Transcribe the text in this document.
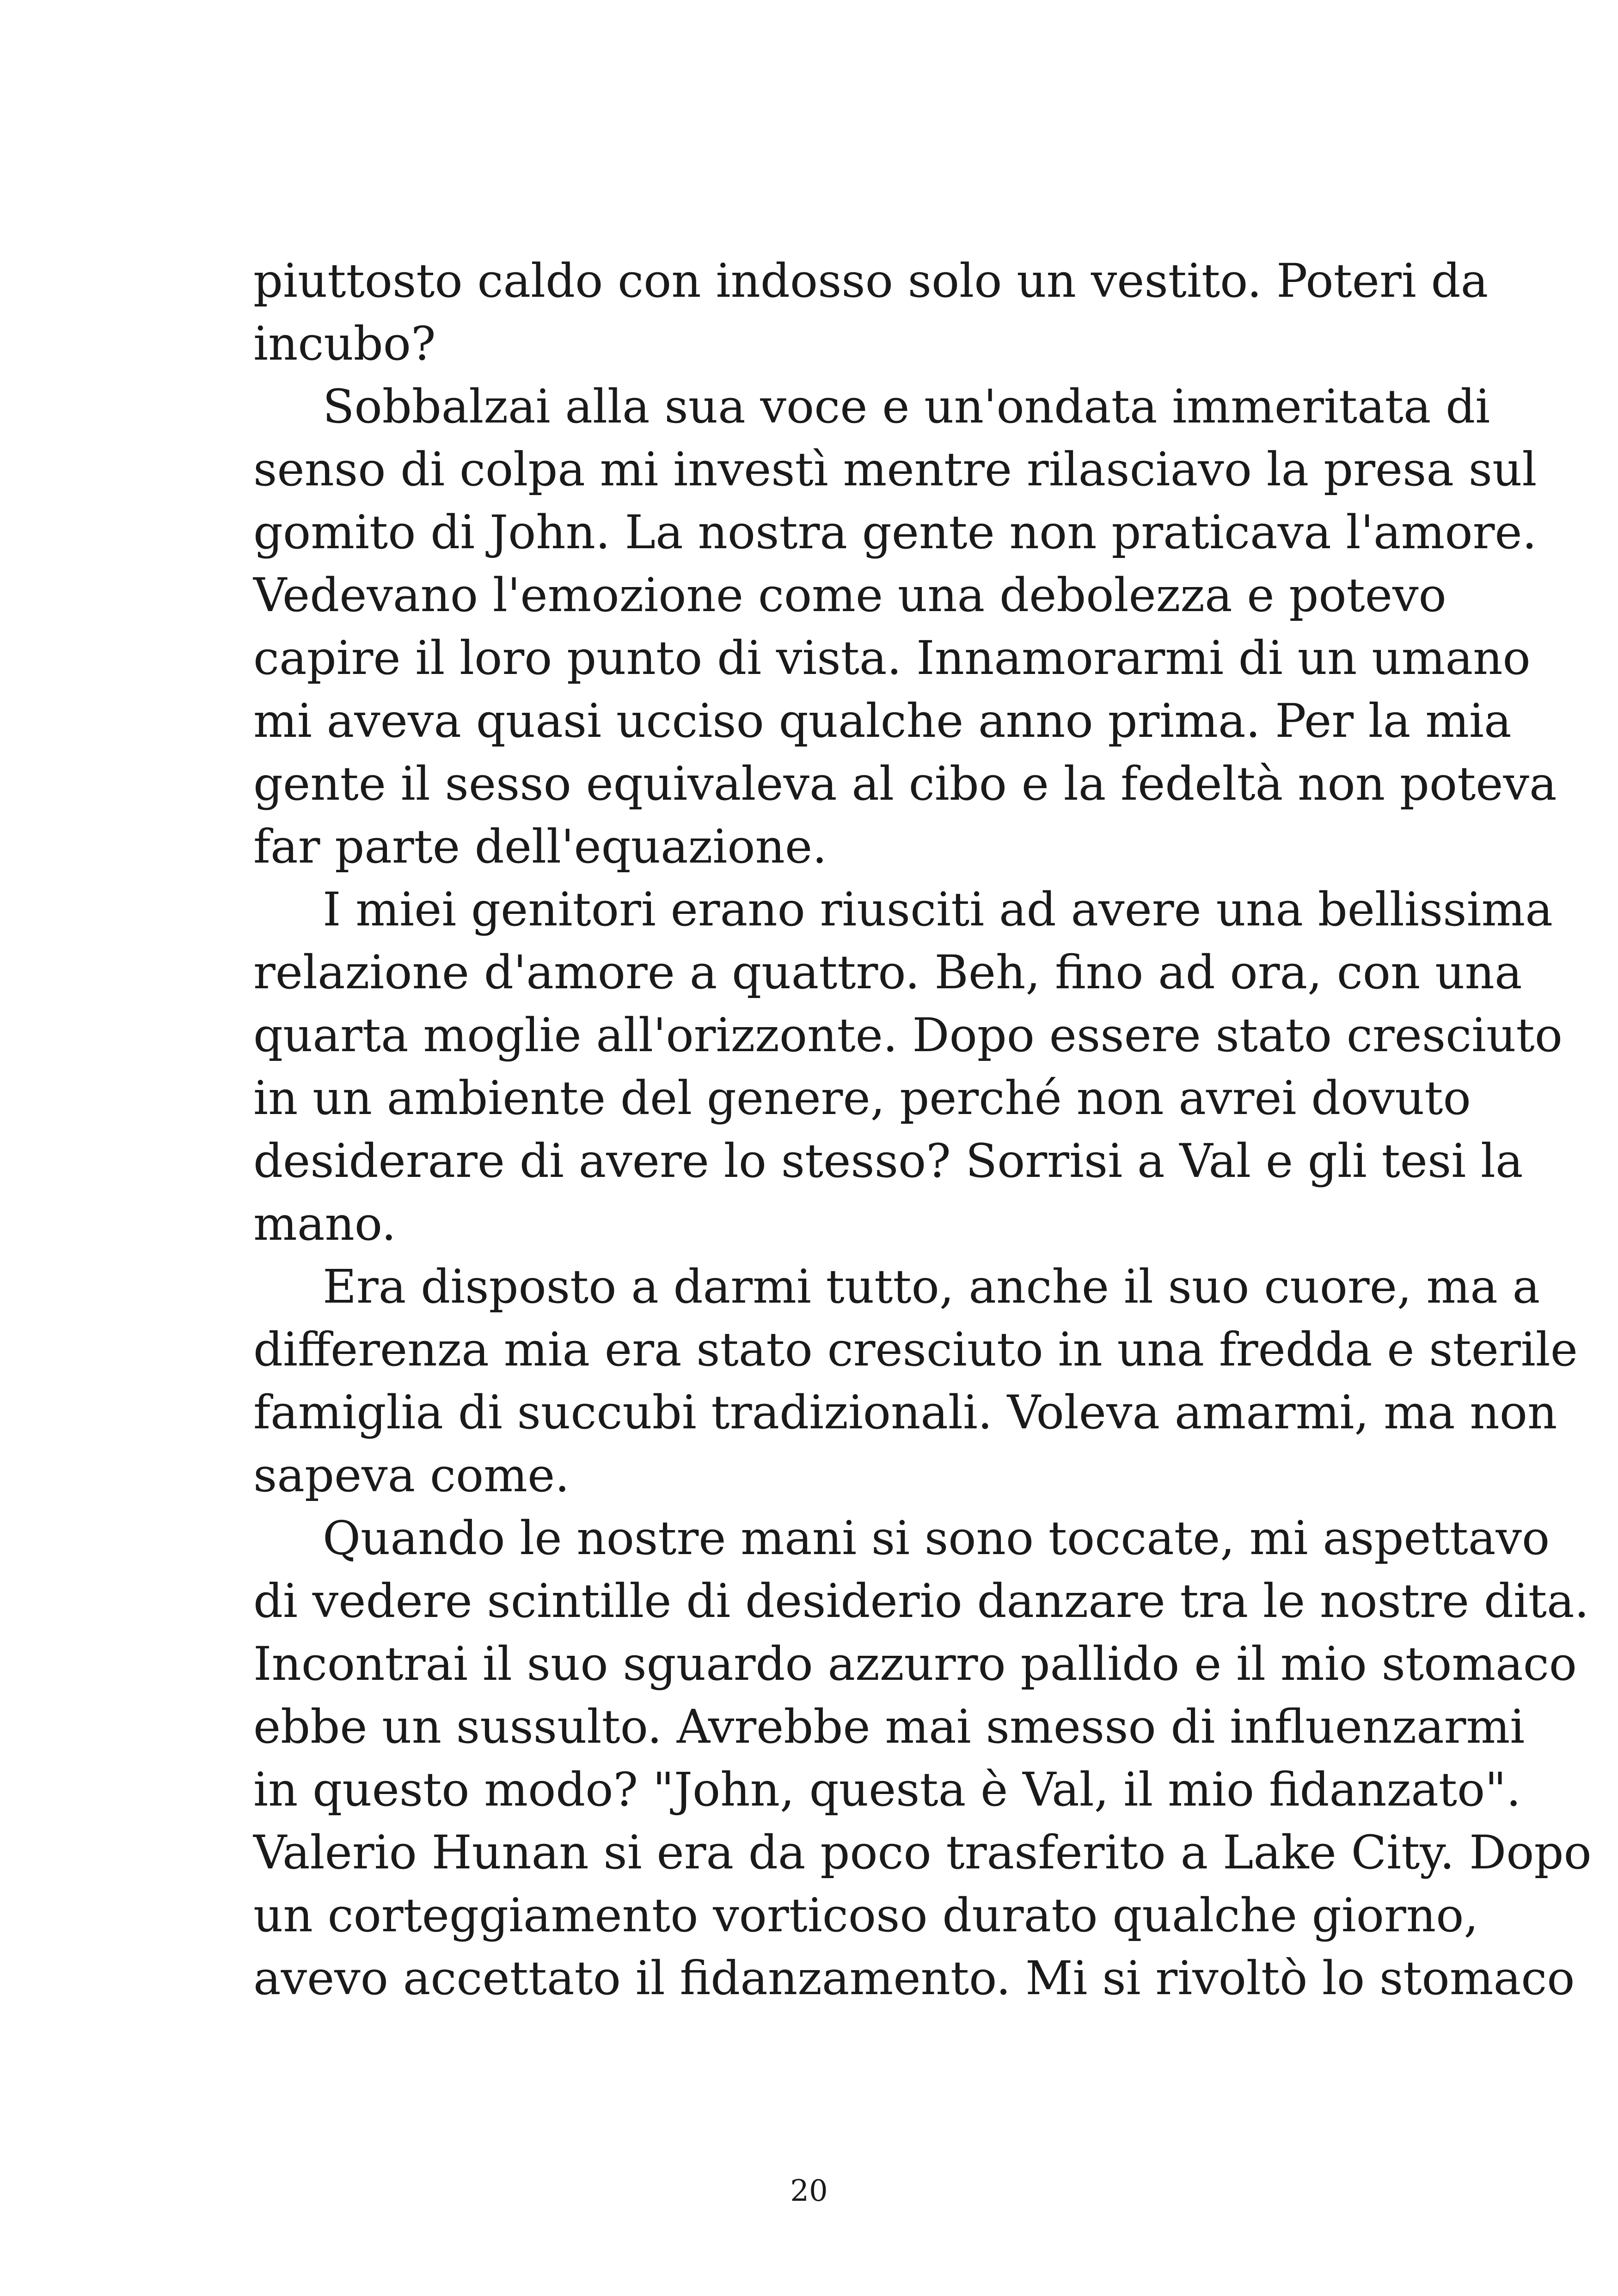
piuttosto caldo con indosso solo un vestito. Poteri da
incubo?
Sobbalzai alla sua voce e un'ondata immeritata di
senso di colpa mi investì mentre rilasciavo la presa sul
gomito di John. La nostra gente non praticava l'amore.
Vedevano l'emozione come una debolezza e potevo
capire il loro punto di vista. Innamorarmi di un umano
mi aveva quasi ucciso qualche anno prima. Per la mia
gente il sesso equivaleva al cibo e la fedeltà non poteva
far parte dell'equazione.
I miei genitori erano riusciti ad avere una bellissima
relazione d'amore a quattro. Beh, fino ad ora, con una
quarta moglie all'orizzonte. Dopo essere stato cresciuto
in un ambiente del genere, perché non avrei dovuto
desiderare di avere lo stesso? Sorrisi a Val e gli tesi la
mano.
Era disposto a darmi tutto, anche il suo cuore, ma a
differenza mia era stato cresciuto in una fredda e sterile
famiglia di succubi tradizionali. Voleva amarmi, ma non
sapeva come.
Quando le nostre mani si sono toccate, mi aspettavo
di vedere scintille di desiderio danzare tra le nostre dita.
Incontrai il suo sguardo azzurro pallido e il mio stomaco
ebbe un sussulto. Avrebbe mai smesso di influenzarmi
in questo modo? "John, questa è Val, il mio fidanzato".
Valerio Hunan si era da poco trasferito a Lake City. Dopo
un corteggiamento vorticoso durato qualche giorno,
avevo accettato il fidanzamento. Mi si rivoltò lo stomaco
20
